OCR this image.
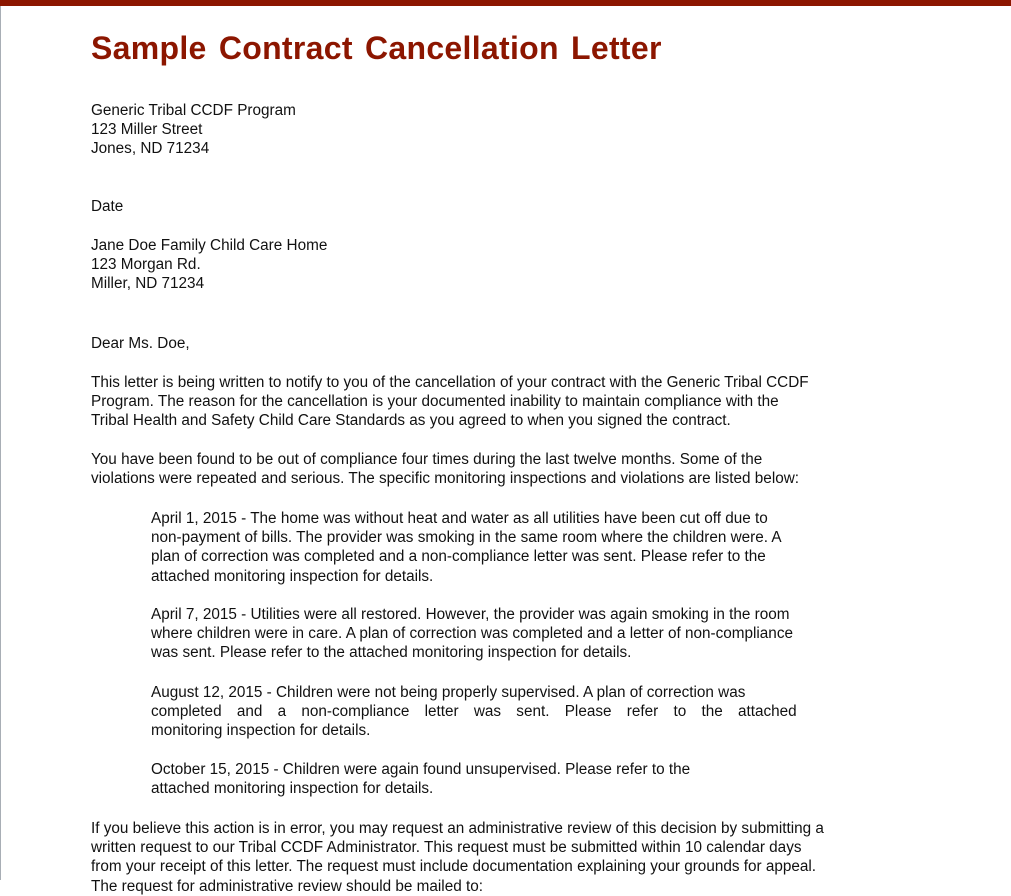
Sample Contract Cancellation Letter
Generic Tribal CCDF Program
123 Miller Street
Jones, ND 71234
Date
Jane Doe Family Child Care Home
123 Morgan Rd.
Miller, ND 71234
Dear Ms. Doe,
This letter is being written to notify to you of the cancellation of your contract with the Generic Tribal CCDF
Program. The reason for the cancellation is your documented inability to maintain compliance with the
Tribal Health and Safety Child Care Standards as you agreed to when you signed the contract.
You have been found to be out of compliance four times during the last twelve months. Some of the
violations were repeated and serious. The specific monitoring inspections and violations are listed below:
April 1, 2015 - The home was without heat and water as all utilities have been cut off due to
non-payment of bills. The provider was smoking in the same room where the children were. A
plan of correction was completed and a non-compliance letter was sent. Please refer to the
attached monitoring inspection for details.
April 7, 2015 - Utilities were all restored. However, the provider was again smoking in the room
where children were in care. A plan of correction was completed and a letter of non-compliance
was sent. Please refer to the attached monitoring inspection for details.
August 12, 2015 - Children were not being properly supervised. A plan of correction was
completed and a non-compliance letter was sent. Please refer to the attached
monitoring inspection for details.
October 15, 2015 - Children were again found unsupervised. Please refer to the
attached monitoring inspection for details.
If you believe this action is in error, you may request an administrative review of this decision by submitting a
written request to our Tribal CCDF Administrator. This request must be submitted within 10 calendar days
from your receipt of this letter. The request must include documentation explaining your grounds for appeal.
The request for administrative review should be mailed to:
